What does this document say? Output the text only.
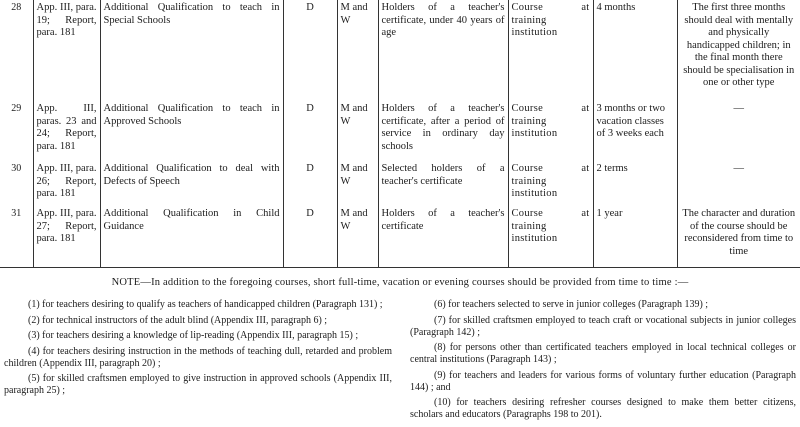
28	App. III, para. 19; Report, para. 181	Additional Qualification to teach in Special Schools	D	M and W	Holders of a teacher's certificate, under 40 years of age	Course at training institution	4 months	The first three months should deal with mentally and physically handicapped children; in the final month there should be specialisation in one or other type
29	App. III, paras. 23 and 24; Report, para. 181	Additional Qualification to teach in Approved Schools	D	M and W	Holders of a teacher's certificate, after a period of service in ordinary day schools	Course at training institution	3 months or two vacation classes of 3 weeks each	—
30	App. III, para. 26; Report, para. 181	Additional Qualification to deal with Defects of Speech	D	M and W	Selected holders of a teacher's certificate	Course at training institution	2 terms	—
31	App. III, para. 27; Report, para. 181	Additional Qualification in Child Guidance	D	M and W	Holders of a teacher's certificate	Course at training institution	1 year	The character and duration of the course should be reconsidered from time to time
NOTE—In addition to the foregoing courses, short full-time, vacation or evening courses should be provided from time to time :—

(1) for teachers desiring to qualify as teachers of handicapped children (Paragraph 131) ;

(2) for technical instructors of the adult blind (Appendix III, paragraph 6) ;

(3) for teachers desiring a knowledge of lip-reading (Appendix III, paragraph 15) ;

(4) for teachers desiring instruction in the methods of teaching dull, retarded and problem children (Appendix III, paragraph 20) ;

(5) for skilled craftsmen employed to give instruction in approved schools (Appendix III, paragraph 25) ;

(6) for teachers selected to serve in junior colleges (Paragraph 139) ;

(7) for skilled craftsmen employed to teach craft or vocational subjects in junior colleges (Paragraph 142) ;

(8) for persons other than certificated teachers employed in local technical colleges or central institutions (Paragraph 143) ;

(9) for teachers and leaders for various forms of voluntary further education (Paragraph 144) ; and

(10) for teachers desiring refresher courses designed to make them better citizens, scholars and educators (Paragraphs 198 to 201).
